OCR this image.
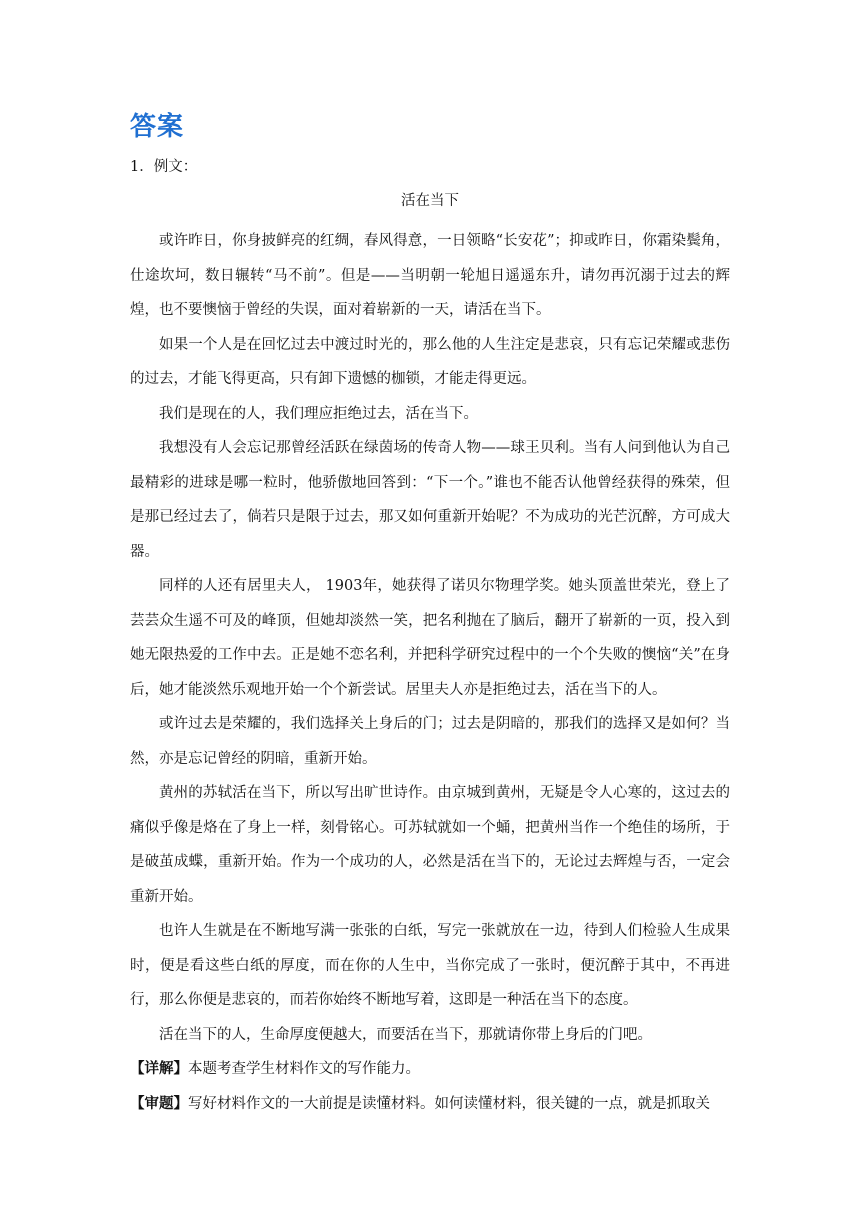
答案

1．例文：

活在当下

或许昨日，你身披鲜亮的红绸，春风得意，一日领略“长安花”；抑或昨日，你霜染鬓角，仕途坎坷，数日辗转“马不前”。但是——当明朝一轮旭日遥遥东升，请勿再沉溺于过去的辉煌，也不要懊恼于曾经的失误，面对着崭新的一天，请活在当下。

如果一个人是在回忆过去中渡过时光的，那么他的人生注定是悲哀，只有忘记荣耀或悲伤的过去，才能飞得更高，只有卸下遗憾的枷锁，才能走得更远。

我们是现在的人，我们理应拒绝过去，活在当下。

我想没有人会忘记那曾经活跃在绿茵场的传奇人物——球王贝利。当有人问到他认为自己最精彩的进球是哪一粒时，他骄傲地回答到：“下一个。”谁也不能否认他曾经获得的殊荣，但是那已经过去了，倘若只是限于过去，那又如何重新开始呢？不为成功的光芒沉醉，方可成大器。

同样的人还有居里夫人， 1903年，她获得了诺贝尔物理学奖。她头顶盖世荣光，登上了芸芸众生遥不可及的峰顶，但她却淡然一笑，把名利抛在了脑后，翻开了崭新的一页，投入到她无限热爱的工作中去。正是她不恋名利，并把科学研究过程中的一个个失败的懊恼“关”在身后，她才能淡然乐观地开始一个个新尝试。居里夫人亦是拒绝过去，活在当下的人。

或许过去是荣耀的，我们选择关上身后的门；过去是阴暗的，那我们的选择又是如何？当然，亦是忘记曾经的阴暗，重新开始。

黄州的苏轼活在当下，所以写出旷世诗作。由京城到黄州，无疑是令人心寒的，这过去的痛似乎像是烙在了身上一样，刻骨铭心。可苏轼就如一个蛹，把黄州当作一个绝佳的场所，于是破茧成蝶，重新开始。作为一个成功的人，必然是活在当下的，无论过去辉煌与否，一定会重新开始。

也许人生就是在不断地写满一张张的白纸，写完一张就放在一边，待到人们检验人生成果时，便是看这些白纸的厚度，而在你的人生中，当你完成了一张时，便沉醉于其中，不再进行，那么你便是悲哀的，而若你始终不断地写着，这即是一种活在当下的态度。

活在当下的人，生命厚度便越大，而要活在当下，那就请你带上身后的门吧。

【详解】本题考查学生材料作文的写作能力。

【审题】写好材料作文的一大前提是读懂材料。如何读懂材料，很关键的一点，就是抓取关
